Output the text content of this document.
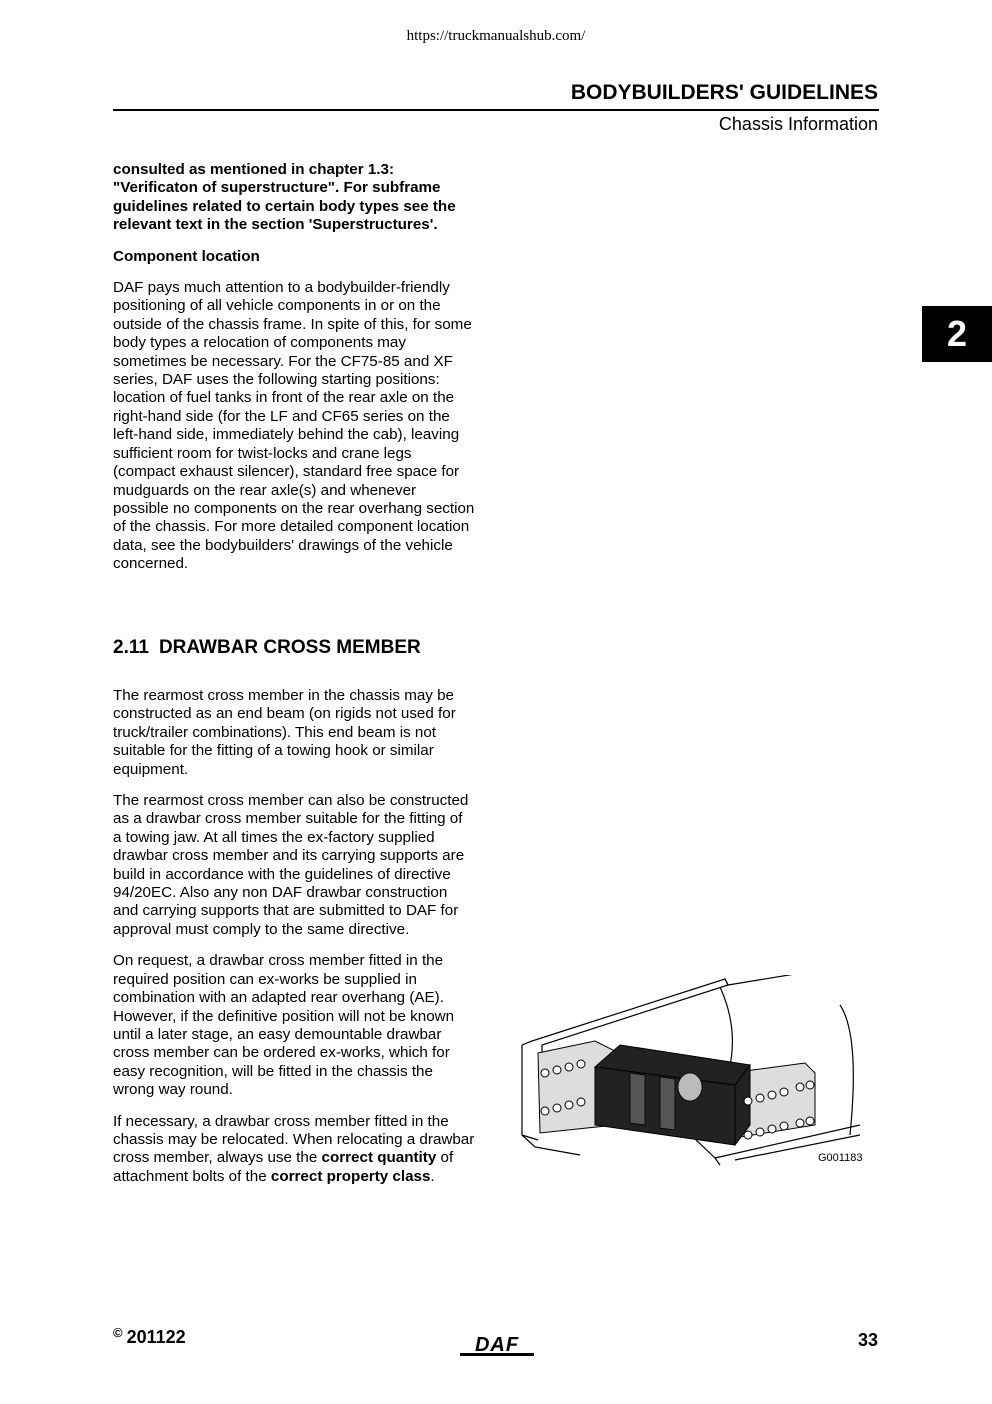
https://truckmanualshub.com/
BODYBUILDERS' GUIDELINES
Chassis Information
2

consulted as mentioned in chapter 1.3: "Verificaton of superstructure". For subframe guidelines related to certain body types see the relevant text in the section 'Superstructures'.

Component location

DAF pays much attention to a bodybuilder-friendly positioning of all vehicle components in or on the outside of the chassis frame. In spite of this, for some body types a relocation of components may sometimes be necessary. For the CF75-85 and XF series, DAF uses the following starting positions: location of fuel tanks in front of the rear axle on the right-hand side (for the LF and CF65 series on the left-hand side, immediately behind the cab), leaving sufficient room for twist-locks and crane legs (compact exhaust silencer), standard free space for mudguards on the rear axle(s) and whenever possible no components on the rear overhang section of the chassis. For more detailed component location data, see the bodybuilders' drawings of the vehicle concerned.

2.11 DRAWBAR CROSS MEMBER

The rearmost cross member in the chassis may be constructed as an end beam (on rigids not used for truck/trailer combinations). This end beam is not suitable for the fitting of a towing hook or similar equipment.

The rearmost cross member can also be constructed as a drawbar cross member suitable for the fitting of a towing jaw. At all times the ex-factory supplied drawbar cross member and its carrying supports are build in accordance with the guidelines of directive 94/20EC. Also any non DAF drawbar construction and carrying supports that are submitted to DAF for approval must comply to the same directive.

On request, a drawbar cross member fitted in the required position can ex-works be supplied in combination with an adapted rear overhang (AE). However, if the definitive position will not be known until a later stage, an easy demountable drawbar cross member can be ordered ex-works, which for easy recognition, will be fitted in the chassis the wrong way round.

If necessary, a drawbar cross member fitted in the chassis may be relocated. When relocating a drawbar cross member, always use the correct quantity of attachment bolts of the correct property class.

G001183
© 201122	DAF	33
